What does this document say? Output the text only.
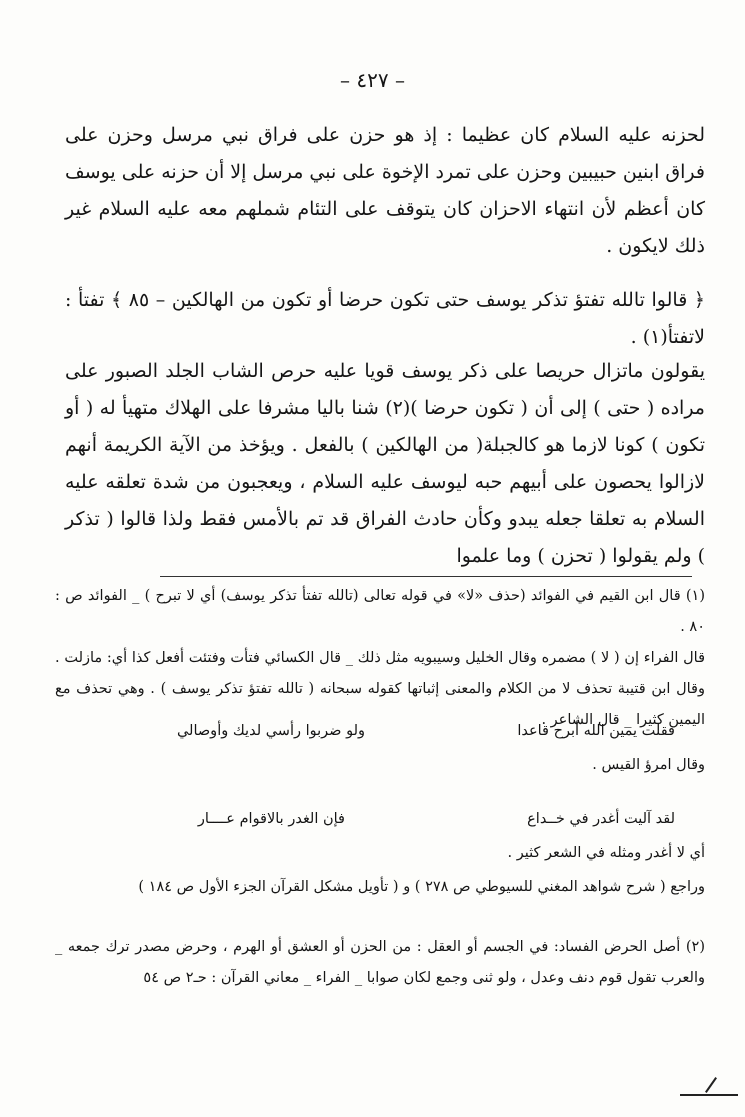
– ٤٢٧ –

لحزنه عليه السلام كان عظيما : إذ هو حزن على فراق نبي مرسل وحزن على فراق ابنين حبيبين وحزن على تمرد الإخوة على نبي مرسل إلا أن حزنه على يوسف كان أعظم لأن انتهاء الاحزان كان يتوقف على التئام شملهم معه عليه السلام غير ذلك لايكون .

﴿ قالوا تالله تفتؤ تذكر يوسف حتى تكون حرضا أو تكون من الهالكين – ٨٥ ﴾ تفتأ : لاتفتأ(١) .

يقولون ماتزال حريصا على ذكر يوسف قويا عليه حرص الشاب الجلد الصبور على مراده ( حتى ) إلى أن ( تكون حرضا )(٢) شنا باليا مشرفا على الهلاك متهيأ له ( أو تكون ) كونا لازما هو كالجبلة( من الهالكين ) بالفعل . ويؤخذ من الآية الكريمة أنهم لازالوا يحصون على أبيهم حبه ليوسف عليه السلام ، ويعجبون من شدة تعلقه عليه السلام به تعلقا جعله يبدو وكأن حادث الفراق قد تم بالأمس فقط ولذا قالوا ( تذكر ) ولم يقولوا ( تحزن ) وما علموا

(١) قال ابن القيم في الفوائد (حذف «لا» في قوله تعالى (تالله تفتأ تذكر يوسف) أي لا تبرح ) _ الفوائد ص : ٨٠ .

قال الفراء إن ( لا ) مضمره وقال الخليل وسيبويه مثل ذلك _ قال الكسائي فتأت وفتئت أفعل كذا أي: مازلت . وقال ابن قتيبة تحذف لا من الكلام والمعنى إثباتها كقوله سبحانه ( تالله تفتؤ تذكر يوسف ) . وهي تحذف مع اليمين كثيرا _ قال الشاعر .

فقلت يمين الله أبرح قاعدا
ولو ضربوا رأسي لديك وأوصالي
وقال امرؤ القيس .
لقد آليت أغدر في خــداع
فإن الغدر بالاقوام عــــار
أي لا أغدر ومثله في الشعر كثير .

وراجع ( شرح شواهد المغني للسيوطي ص ٢٧٨ ) و ( تأويل مشكل القرآن الجزء الأول ص ١٨٤ )

(٢) أصل الحرض الفساد: في الجسم أو العقل : من الحزن أو العشق أو الهرم ، وحرض مصدر ترك جمعه _ والعرب تقول قوم دنف وعدل ، ولو ثنى وجمع لكان صوابا _ الفراء _ معاني القرآن : حـ٢ ص ٥٤
